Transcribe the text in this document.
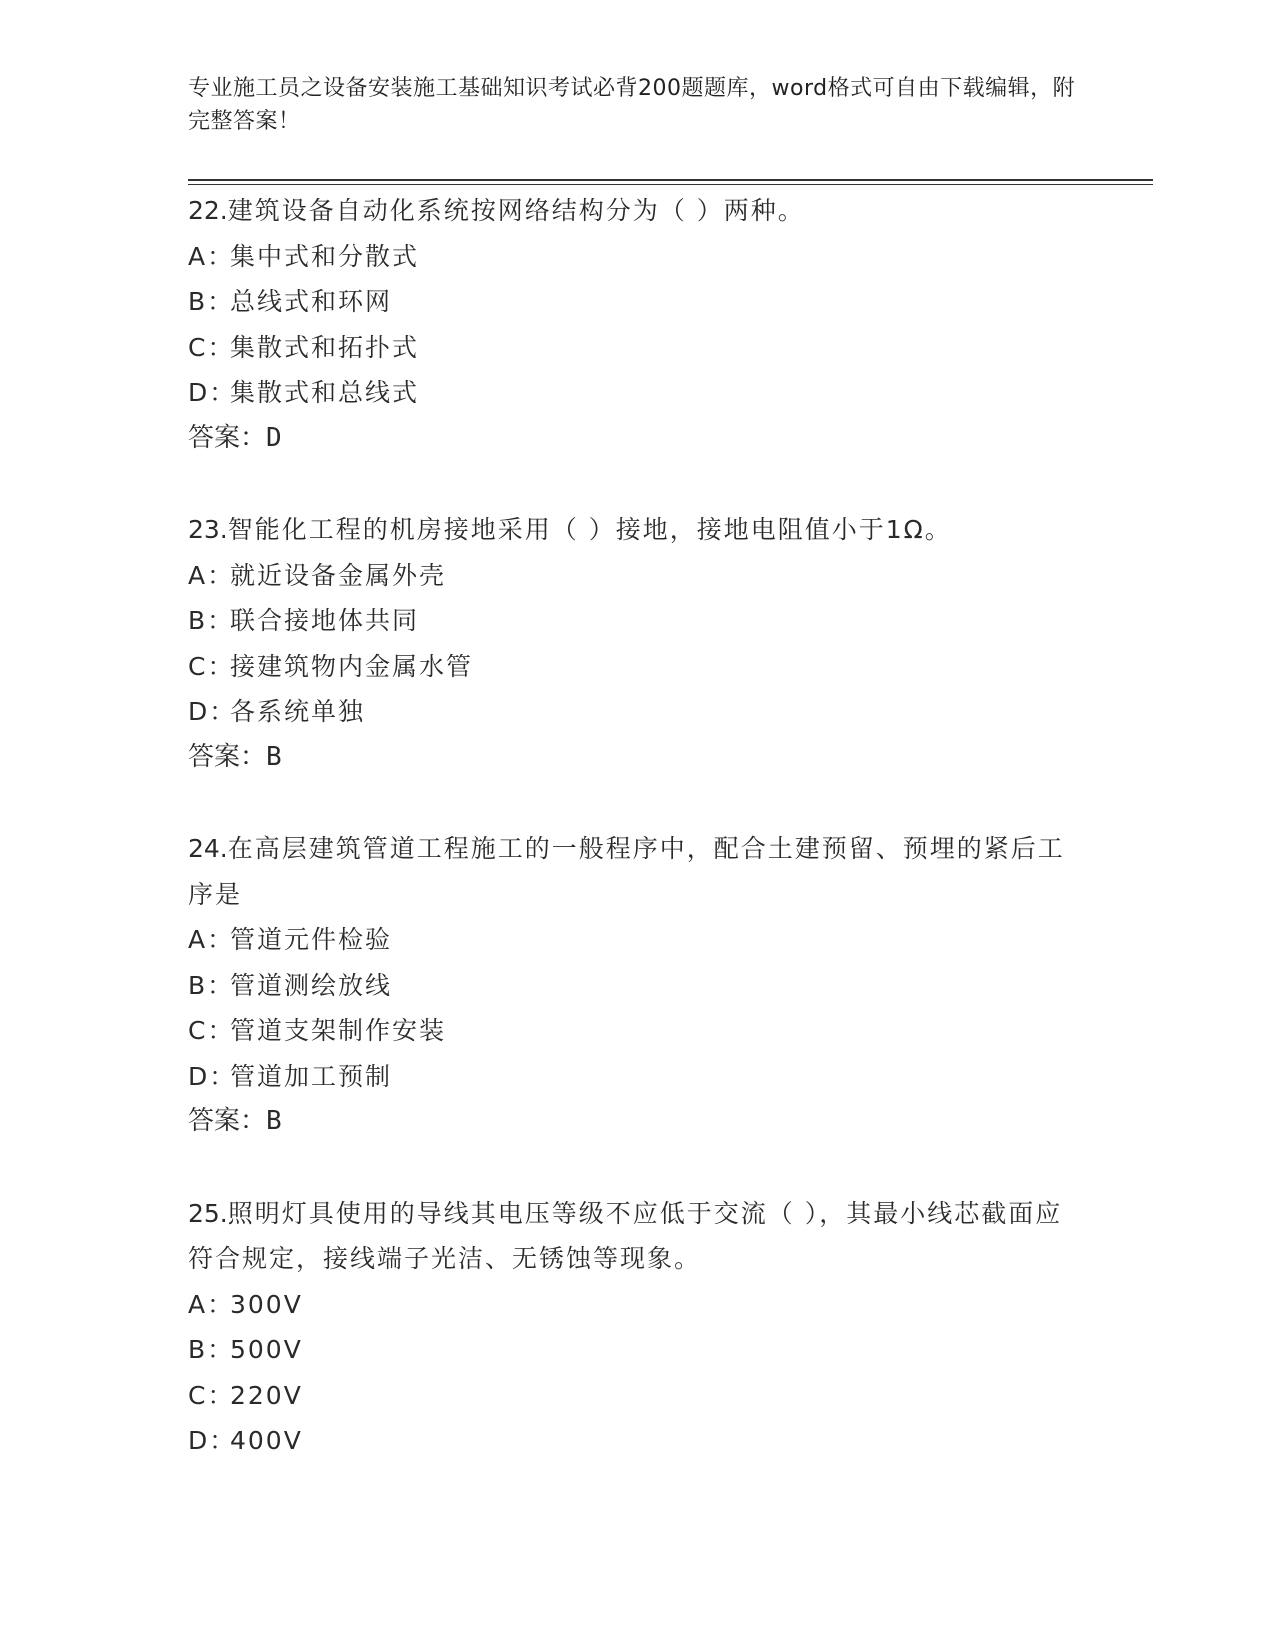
专业施工员之设备安装施工基础知识考试必背200题题库，word格式可自由下载编辑，附完整答案！
22.建筑设备自动化系统按网络结构分为（ ）两种。
A：集中式和分散式
B：总线式和环网
C：集散式和拓扑式
D：集散式和总线式
答案：D
23.智能化工程的机房接地采用（ ）接地，接地电阻值小于1Ω。
A：就近设备金属外壳
B：联合接地体共同
C：接建筑物内金属水管
D：各系统单独
答案：B
24.在高层建筑管道工程施工的一般程序中，配合土建预留、预埋的紧后工序是
A：管道元件检验
B：管道测绘放线
C：管道支架制作安装
D：管道加工预制
答案：B
25.照明灯具使用的导线其电压等级不应低于交流（ ），其最小线芯截面应符合规定，接线端子光洁、无锈蚀等现象。
A：300V
B：500V
C：220V
D：400V
